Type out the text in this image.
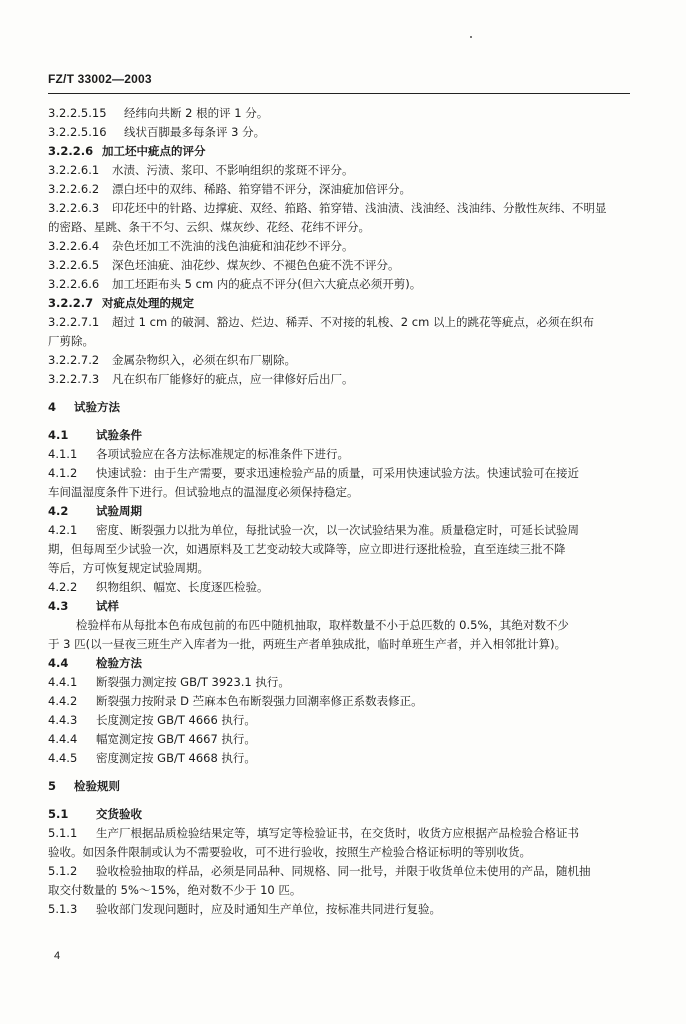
FZ/T 33002—2003
3.2.2.5.15 经纬向共断 2 根的评 1 分。
3.2.2.5.16 线状百脚最多每条评 3 分。
3.2.2.6 加工坯中疵点的评分
3.2.2.6.1 水渍、污渍、浆印、不影响组织的浆斑不评分。
3.2.2.6.2 漂白坯中的双纬、稀路、筘穿错不评分，深油疵加倍评分。
3.2.2.6.3 印花坯中的针路、边撑疵、双经、筘路、筘穿错、浅油渍、浅油经、浅油纬、分散性灰纬、不明显
的密路、星跳、条干不匀、云织、煤灰纱、花经、花纬不评分。
3.2.2.6.4 杂色坯加工不洗油的浅色油疵和油花纱不评分。
3.2.2.6.5 深色坯油疵、油花纱、煤灰纱、不褪色色疵不洗不评分。
3.2.2.6.6 加工坯距布头 5 cm 内的疵点不评分(但六大疵点必须开剪)。
3.2.2.7 对疵点处理的规定
3.2.2.7.1 超过 1 cm 的破洞、豁边、烂边、稀弄、不对接的轧梭、2 cm 以上的跳花等疵点，必须在织布
厂剪除。
3.2.2.7.2 金属杂物织入，必须在织布厂剔除。
3.2.2.7.3 凡在织布厂能修好的疵点，应一律修好后出厂。
4 试验方法
4.1 试验条件
4.1.1 各项试验应在各方法标准规定的标准条件下进行。
4.1.2 快速试验：由于生产需要，要求迅速检验产品的质量，可采用快速试验方法。快速试验可在接近
车间温湿度条件下进行。但试验地点的温湿度必须保持稳定。
4.2 试验周期
4.2.1 密度、断裂强力以批为单位，每批试验一次，以一次试验结果为准。质量稳定时，可延长试验周
期，但每周至少试验一次，如遇原料及工艺变动较大或降等，应立即进行逐批检验，直至连续三批不降
等后，方可恢复规定试验周期。
4.2.2 织物组织、幅宽、长度逐匹检验。
4.3 试样
检验样布从每批本色布成包前的布匹中随机抽取，取样数量不小于总匹数的 0.5%，其绝对数不少
于 3 匹(以一昼夜三班生产入库者为一批，两班生产者单独成批，临时单班生产者，并入相邻批计算)。
4.4 检验方法
4.4.1 断裂强力测定按 GB/T 3923.1 执行。
4.4.2 断裂强力按附录 D 苎麻本色布断裂强力回潮率修正系数表修正。
4.4.3 长度测定按 GB/T 4666 执行。
4.4.4 幅宽测定按 GB/T 4667 执行。
4.4.5 密度测定按 GB/T 4668 执行。
5 检验规则
5.1 交货验收
5.1.1 生产厂根据品质检验结果定等，填写定等检验证书，在交货时，收货方应根据产品检验合格证书
验收。如因条件限制或认为不需要验收，可不进行验收，按照生产检验合格证标明的等别收货。
5.1.2 验收检验抽取的样品，必须是同品种、同规格、同一批号，并限于收货单位未使用的产品，随机抽
取交付数量的 5%～15%，绝对数不少于 10 匹。
5.1.3 验收部门发现问题时，应及时通知生产单位，按标准共同进行复验。
4
